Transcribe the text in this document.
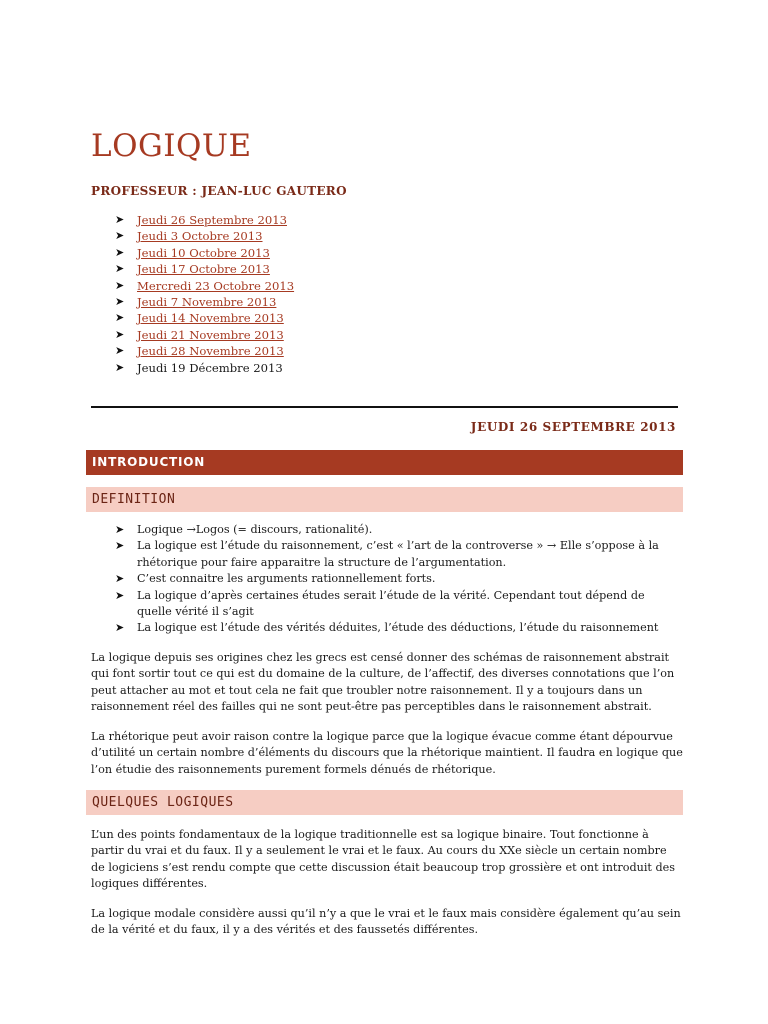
LOGIQUE
PROFESSEUR : JEAN-LUC GAUTERO
➤	Jeudi 26 Septembre 2013
➤	Jeudi 3 Octobre 2013
➤	Jeudi 10 Octobre 2013
➤	Jeudi 17 Octobre 2013
➤	Mercredi 23 Octobre 2013
➤	Jeudi 7 Novembre 2013
➤	Jeudi 14 Novembre 2013
➤	Jeudi 21 Novembre 2013
➤	Jeudi 28 Novembre 2013
➤	Jeudi 19 Décembre 2013
JEUDI 26 SEPTEMBRE 2013
INTRODUCTION
DEFINITION
➤	Logique →Logos (= discours, rationalité).
➤	La logique est l’étude du raisonnement, c’est « l’art de la controverse » → Elle s’oppose à la rhétorique pour faire apparaitre la structure de l’argumentation.
➤	C’est connaitre les arguments rationnellement forts.
➤	La logique d’après certaines études serait l’étude de la vérité. Cependant tout dépend de quelle vérité il s’agit
➤	La logique est l’étude des vérités déduites, l’étude des déductions, l’étude du raisonnement

La logique depuis ses origines chez les grecs est censé donner des schémas de raisonnement abstrait qui font sortir tout ce qui est du domaine de la culture, de l’affectif, des diverses connotations que l’on peut attacher au mot et tout cela ne fait que troubler notre raisonnement. Il y a toujours dans un raisonnement réel des failles qui ne sont peut-être pas perceptibles dans le raisonnement abstrait.

La rhétorique peut avoir raison contre la logique parce que la logique évacue comme étant dépourvue d’utilité un certain nombre d’éléments du discours que la rhétorique maintient. Il faudra en logique que l’on étudie des raisonnements purement formels dénués de rhétorique.

QUELQUES LOGIQUES

L’un des points fondamentaux de la logique traditionnelle est sa logique binaire. Tout fonctionne à partir du vrai et du faux. Il y a seulement le vrai et le faux. Au cours du XXe siècle un certain nombre de logiciens s’est rendu compte que cette discussion était beaucoup trop grossière et ont introduit des logiques différentes.

La logique modale considère aussi qu’il n’y a que le vrai et le faux mais considère également qu’au sein de la vérité et du faux, il y a des vérités et des faussetés différentes.
